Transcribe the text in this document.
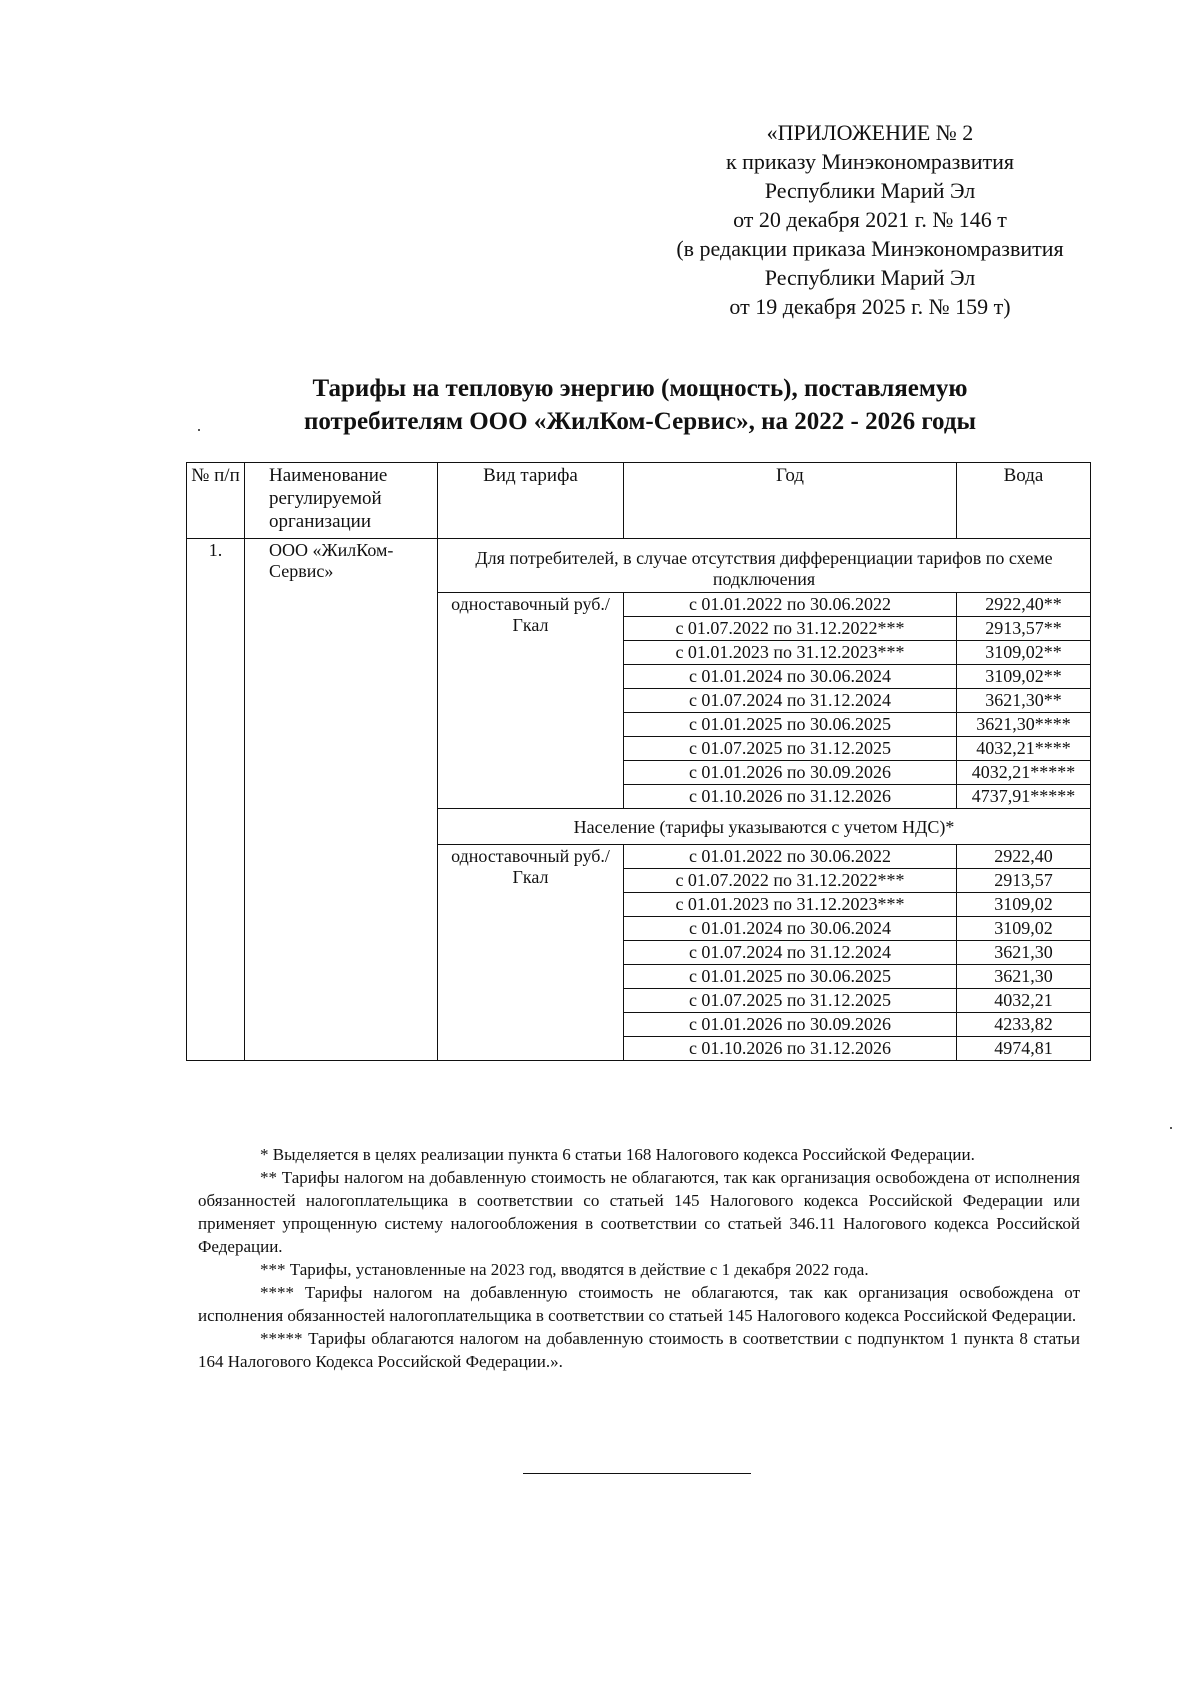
«ПРИЛОЖЕНИЕ № 2
к приказу Минэкономразвития
Республики Марий Эл
от 20 декабря 2021 г. № 146 т
(в редакции приказа Минэкономразвития
Республики Марий Эл
от 19 декабря 2025 г. № 159 т)
Тарифы на тепловую энергию (мощность), поставляемую
потребителям ООО «ЖилКом-Сервис», на 2022 - 2026 годы
№ п/п	Наименование регулируемой организации	Вид тарифа	Год	Вода
1.	ООО «ЖилКом-Сервис»	Для потребителей, в случае отсутствия дифференциации тарифов по схеме подключения		
		одноставочный руб./Гкал	с 01.01.2022 по 30.06.2022	2922,40**
			с 01.07.2022 по 31.12.2022***	2913,57**
			с 01.01.2023 по 31.12.2023***	3109,02**
			с 01.01.2024 по 30.06.2024	3109,02**
			с 01.07.2024 по 31.12.2024	3621,30**
			с 01.01.2025 по 30.06.2025	3621,30****
			с 01.07.2025 по 31.12.2025	4032,21****
			с 01.01.2026 по 30.09.2026	4032,21*****
			с 01.10.2026 по 31.12.2026	4737,91*****
		Население (тарифы указываются с учетом НДС)*		
		одноставочный руб./Гкал	с 01.01.2022 по 30.06.2022	2922,40
			с 01.07.2022 по 31.12.2022***	2913,57
			с 01.01.2023 по 31.12.2023***	3109,02
			с 01.01.2024 по 30.06.2024	3109,02
			с 01.07.2024 по 31.12.2024	3621,30
			с 01.01.2025 по 30.06.2025	3621,30
			с 01.07.2025 по 31.12.2025	4032,21
			с 01.01.2026 по 30.09.2026	4233,82
			с 01.10.2026 по 31.12.2026	4974,81

* Выделяется в целях реализации пункта 6 статьи 168 Налогового кодекса Российской Федерации.

** Тарифы налогом на добавленную стоимость не облагаются, так как организация освобождена от исполнения обязанностей налогоплательщика в соответствии со статьей 145 Налогового кодекса Российской Федерации или применяет упрощенную систему налогообложения в соответствии со статьей 346.11 Налогового кодекса Российской Федерации.

*** Тарифы, установленные на 2023 год, вводятся в действие с 1 декабря 2022 года.

**** Тарифы налогом на добавленную стоимость не облагаются, так как организация освобождена от исполнения обязанностей налогоплательщика в соответствии со статьей 145 Налогового кодекса Российской Федерации.

***** Тарифы облагаются налогом на добавленную стоимость в соответствии с подпунктом 1 пункта 8 статьи 164 Налогового Кодекса Российской Федерации.».
